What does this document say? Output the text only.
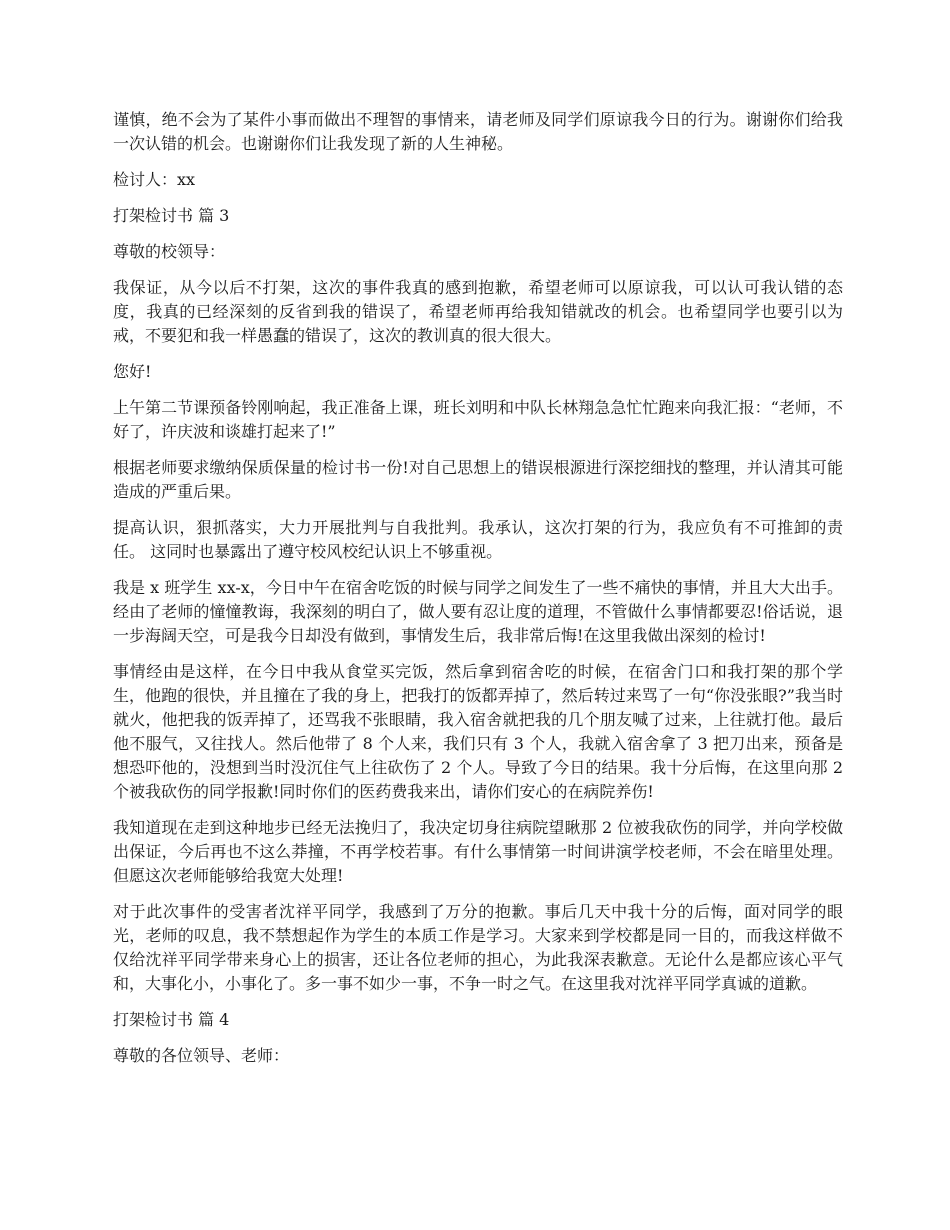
谨慎，绝不会为了某件小事而做出不理智的事情来，请老师及同学们原谅我今日的行为。谢谢你们给我一次认错的机会。也谢谢你们让我发现了新的人生神秘。

检讨人：xx

打架检讨书 篇 3

尊敬的校领导：

我保证，从今以后不打架，这次的事件我真的感到抱歉，希望老师可以原谅我，可以认可我认错的态度，我真的已经深刻的反省到我的错误了，希望老师再给我知错就改的机会。也希望同学也要引以为戒，不要犯和我一样愚蠢的错误了，这次的教训真的很大很大。

您好!

上午第二节课预备铃刚响起，我正准备上课，班长刘明和中队长林翔急急忙忙跑来向我汇报：“老师，不好了，许庆波和谈雄打起来了!”

根据老师要求缴纳保质保量的检讨书一份!对自己思想上的错误根源进行深挖细找的整理，并认清其可能造成的严重后果。

提高认识，狠抓落实，大力开展批判与自我批判。我承认，这次打架的行为，我应负有不可推卸的责任。 这同时也暴露出了遵守校风校纪认识上不够重视。

我是 x 班学生 xx-x，今日中午在宿舍吃饭的时候与同学之间发生了一些不痛快的事情，并且大大出手。经由了老师的憧憧教诲，我深刻的明白了，做人要有忍让度的道理，不管做什么事情都要忍!俗话说，退一步海阔天空，可是我今日却没有做到，事情发生后，我非常后悔!在这里我做出深刻的检讨!

事情经由是这样，在今日中我从食堂买完饭，然后拿到宿舍吃的时候，在宿舍门口和我打架的那个学生，他跑的很快，并且撞在了我的身上，把我打的饭都弄掉了，然后转过来骂了一句“你没张眼?”我当时就火，他把我的饭弄掉了，还骂我不张眼睛，我入宿舍就把我的几个朋友喊了过来，上往就打他。最后他不服气，又往找人。然后他带了 8 个人来，我们只有 3 个人，我就入宿舍拿了 3 把刀出来，预备是想恐吓他的，没想到当时没沉住气上往砍伤了 2 个人。导致了今日的结果。我十分后悔，在这里向那 2 个被我砍伤的同学报歉!同时你们的医药费我来出，请你们安心的在病院养伤!

我知道现在走到这种地步已经无法挽归了，我决定切身往病院望瞅那 2 位被我砍伤的同学，并向学校做出保证，今后再也不这么莽撞，不再学校若事。有什么事情第一时间讲演学校老师，不会在暗里处理。但愿这次老师能够给我宽大处理!

对于此次事件的受害者沈祥平同学，我感到了万分的抱歉。事后几天中我十分的后悔，面对同学的眼光，老师的叹息，我不禁想起作为学生的本质工作是学习。大家来到学校都是同一目的，而我这样做不仅给沈祥平同学带来身心上的损害，还让各位老师的担心，为此我深表歉意。无论什么是都应该心平气和，大事化小，小事化了。多一事不如少一事，不争一时之气。在这里我对沈祥平同学真诚的道歉。

打架检讨书 篇 4

尊敬的各位领导、老师：
